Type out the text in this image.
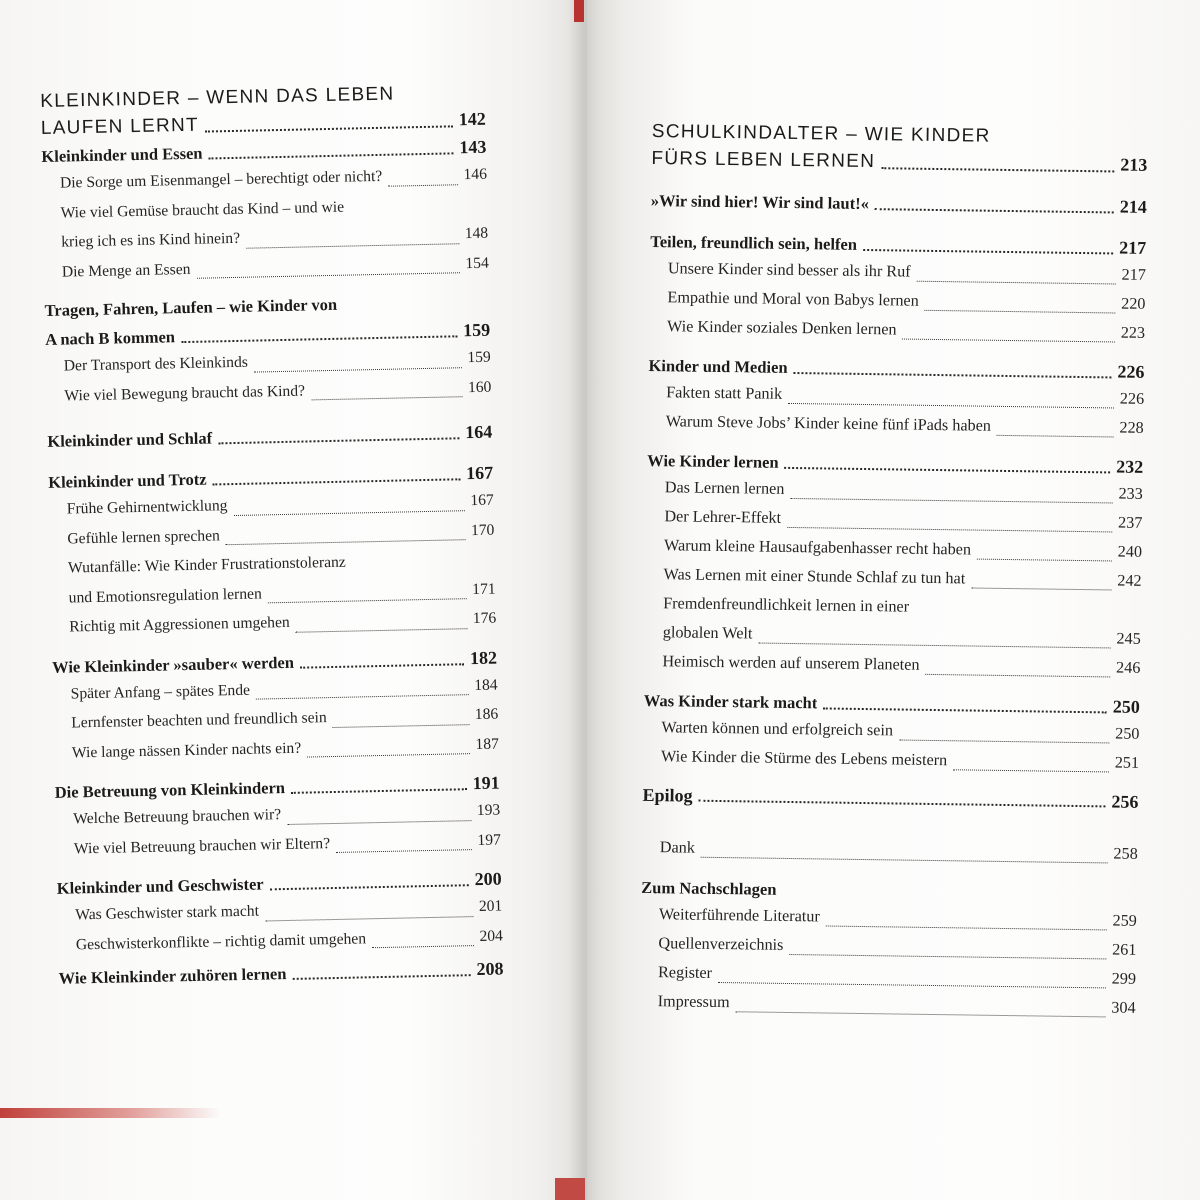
KLEINKINDER – WENN DAS LEBEN
LAUFEN LERNT	142
Kleinkinder und Essen	143
Die Sorge um Eisenmangel – berechtigt oder nicht?	146
Wie viel Gemüse braucht das Kind – und wie
krieg ich es ins Kind hinein?	148
Die Menge an Essen	154
Tragen, Fahren, Laufen – wie Kinder von
A nach B kommen	159
Der Transport des Kleinkinds	159
Wie viel Bewegung braucht das Kind?	160
Kleinkinder und Schlaf	164
Kleinkinder und Trotz	167
Frühe Gehirnentwicklung	167
Gefühle lernen sprechen	170
Wutanfälle: Wie Kinder Frustrationstoleranz
und Emotionsregulation lernen	171
Richtig mit Aggressionen umgehen	176
Wie Kleinkinder »sauber« werden	182
Später Anfang – spätes Ende	184
Lernfenster beachten und freundlich sein	186
Wie lange nässen Kinder nachts ein?	187
Die Betreuung von Kleinkindern	191
Welche Betreuung brauchen wir?	193
Wie viel Betreuung brauchen wir Eltern?	197
Kleinkinder und Geschwister	200
Was Geschwister stark macht	201
Geschwisterkonflikte – richtig damit umgehen	204
Wie Kleinkinder zuhören lernen	208
SCHULKINDALTER – WIE KINDER
FÜRS LEBEN LERNEN	213
»Wir sind hier! Wir sind laut!«	214
Teilen, freundlich sein, helfen	217
Unsere Kinder sind besser als ihr Ruf	217
Empathie und Moral von Babys lernen	220
Wie Kinder soziales Denken lernen	223
Kinder und Medien	226
Fakten statt Panik	226
Warum Steve Jobs’ Kinder keine fünf iPads haben	228
Wie Kinder lernen	232
Das Lernen lernen	233
Der Lehrer-Effekt	237
Warum kleine Hausaufgabenhasser recht haben	240
Was Lernen mit einer Stunde Schlaf zu tun hat	242
Fremdenfreundlichkeit lernen in einer
globalen Welt	245
Heimisch werden auf unserem Planeten	246
Was Kinder stark macht	250
Warten können und erfolgreich sein	250
Wie Kinder die Stürme des Lebens meistern	251
Epilog	256
Dank	258
Zum Nachschlagen
Weiterführende Literatur	259
Quellenverzeichnis	261
Register	299
Impressum	304
